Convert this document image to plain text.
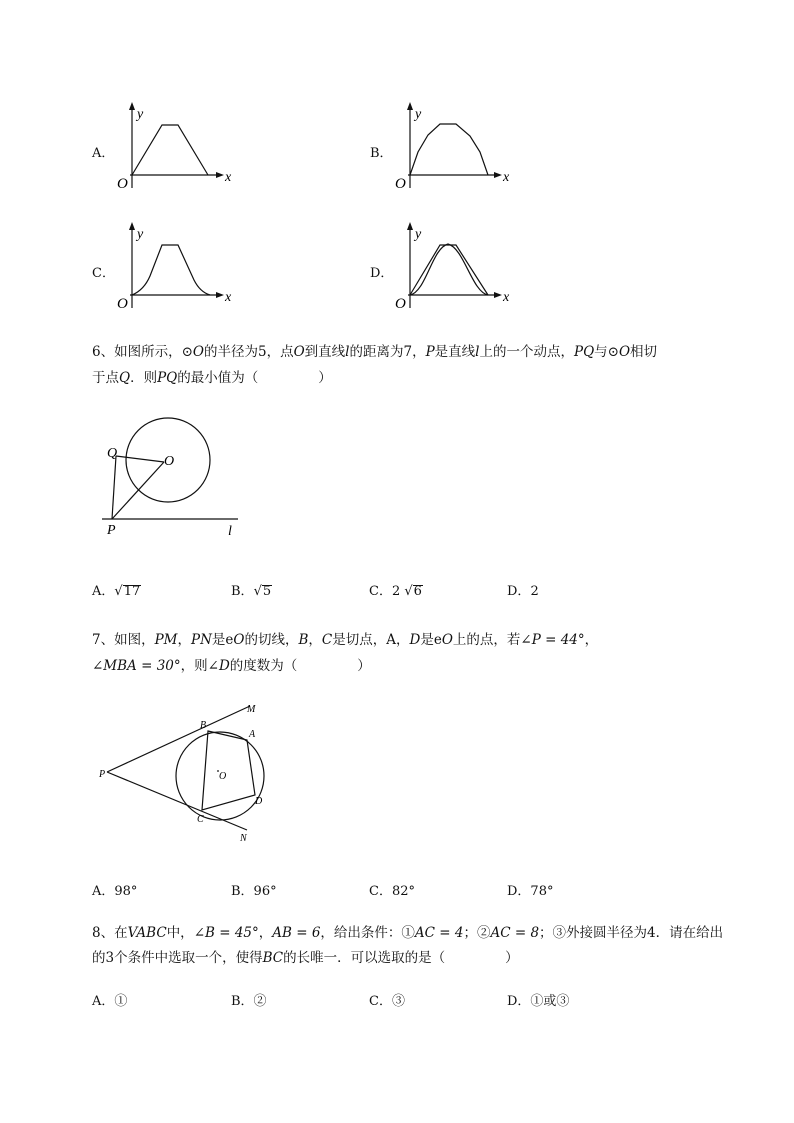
A．
y
x
O
B．
y
x
O
C．
y
x
O
D．
y
x
O
6、如图所示，⊙O的半径为5，点O到直线l的距离为7，P是直线l上的一个动点，PQ与⊙O相切
于点Q．则PQ的最小值为（	）
Q
O
P	l
A．√17	B．√5	C．2 √6	D．2
7、如图，PM，PN是eO的切线，B，C是切点，A，D是eO上的点，若∠P = 44°，
∠MBA = 30°，则∠D的度数为（	）
M
B
A
P	O
D
C
N
A．98°	B．96°	C．82°	D．78°
8、在VABC中，∠B = 45°，AB = 6，给出条件：①AC = 4；②AC = 8；③外接圆半径为4．请在给出
的3个条件中选取一个，使得BC的长唯一．可以选取的是（	）
A．①	B．②	C．③	D．①或③
